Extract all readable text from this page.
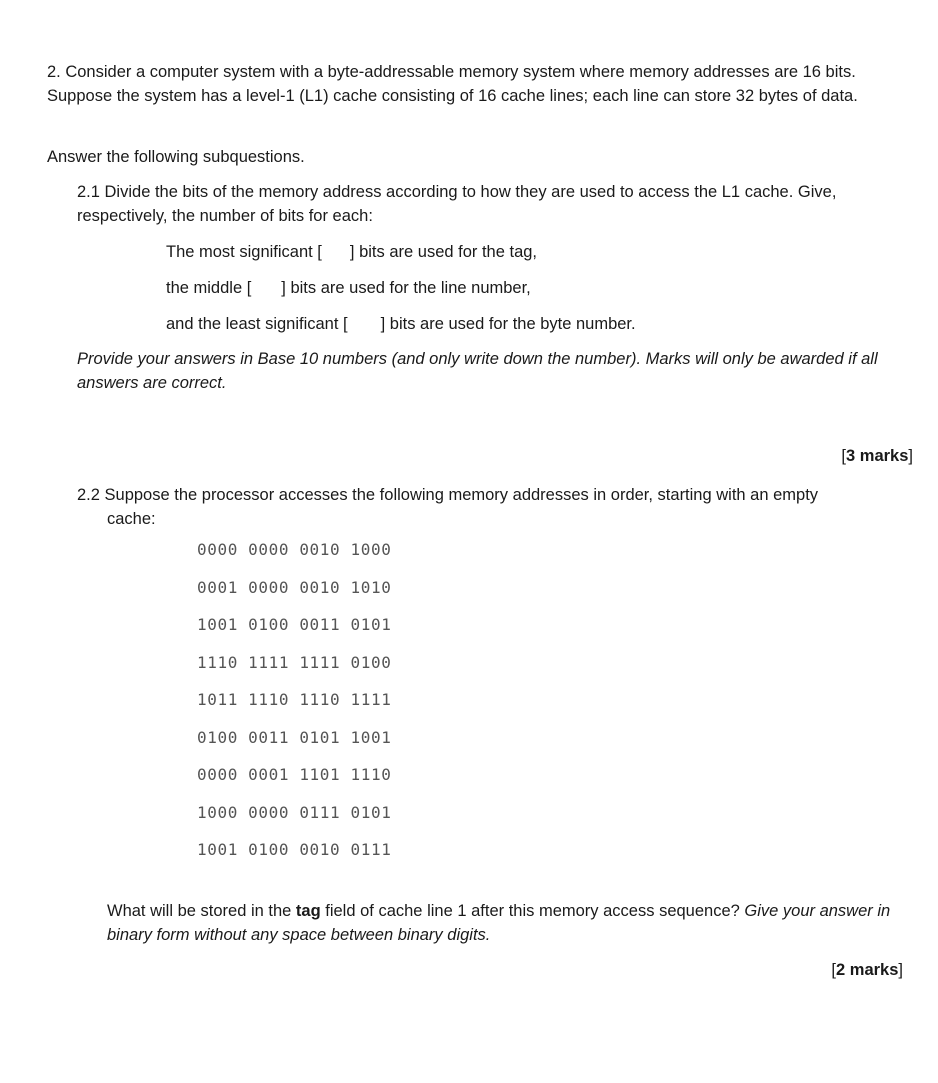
2. Consider a computer system with a byte-addressable memory system where memory addresses are 16 bits. Suppose the system has a level-1 (L1) cache consisting of 16 cache lines; each line can store 32 bytes of data.
Answer the following subquestions.
2.1 Divide the bits of the memory address according to how they are used to access the L1 cache. Give, respectively, the number of bits for each:
The most significant [ ] bits are used for the tag,
the middle [ ] bits are used for the line number,
and the least significant [ ] bits are used for the byte number.
Provide your answers in Base 10 numbers (and only write down the number). Marks will only be awarded if all answers are correct.
[3 marks]
2.2 Suppose the processor accesses the following memory addresses in order, starting with an empty
cache:
0000 0000 0010 1000
0001 0000 0010 1010
1001 0100 0011 0101
1110 1111 1111 0100
1011 1110 1110 1111
0100 0011 0101 1001
0000 0001 1101 1110
1000 0000 0111 0101
1001 0100 0010 0111
What will be stored in the tag field of cache line 1 after this memory access sequence? Give your answer in binary form without any space between binary digits.
[2 marks]
